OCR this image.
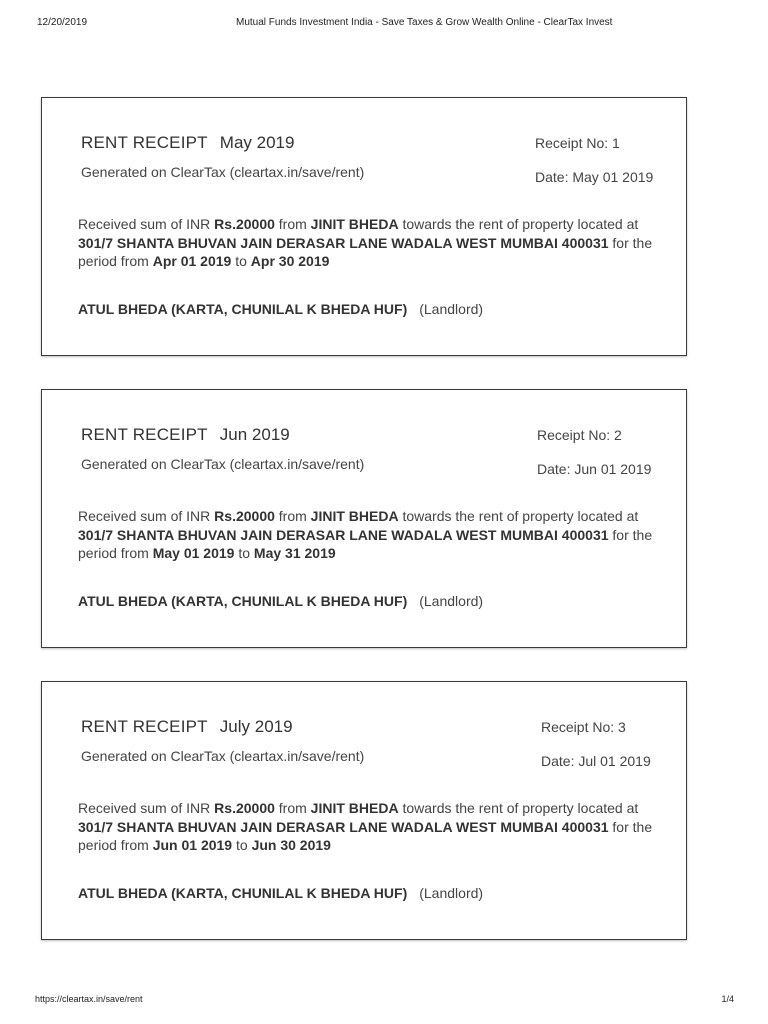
12/20/2019	Mutual Funds Investment India - Save Taxes & Grow Wealth Online - ClearTax Invest
RENT RECEIPT May 2019
Generated on ClearTax (cleartax.in/save/rent)
Receipt No: 1
Date: May 01 2019
Received sum of INR Rs.20000 from JINIT BHEDA towards the rent of property located at 301/7 SHANTA BHUVAN JAIN DERASAR LANE WADALA WEST MUMBAI 400031 for the period from Apr 01 2019 to Apr 30 2019
ATUL BHEDA (KARTA, CHUNILAL K BHEDA HUF) (Landlord)
RENT RECEIPT Jun 2019
Generated on ClearTax (cleartax.in/save/rent)
Receipt No: 2
Date: Jun 01 2019
Received sum of INR Rs.20000 from JINIT BHEDA towards the rent of property located at 301/7 SHANTA BHUVAN JAIN DERASAR LANE WADALA WEST MUMBAI 400031 for the period from May 01 2019 to May 31 2019
ATUL BHEDA (KARTA, CHUNILAL K BHEDA HUF) (Landlord)
RENT RECEIPT July 2019
Generated on ClearTax (cleartax.in/save/rent)
Receipt No: 3
Date: Jul 01 2019
Received sum of INR Rs.20000 from JINIT BHEDA towards the rent of property located at 301/7 SHANTA BHUVAN JAIN DERASAR LANE WADALA WEST MUMBAI 400031 for the period from Jun 01 2019 to Jun 30 2019
ATUL BHEDA (KARTA, CHUNILAL K BHEDA HUF) (Landlord)
https://cleartax.in/save/rent	1/4
